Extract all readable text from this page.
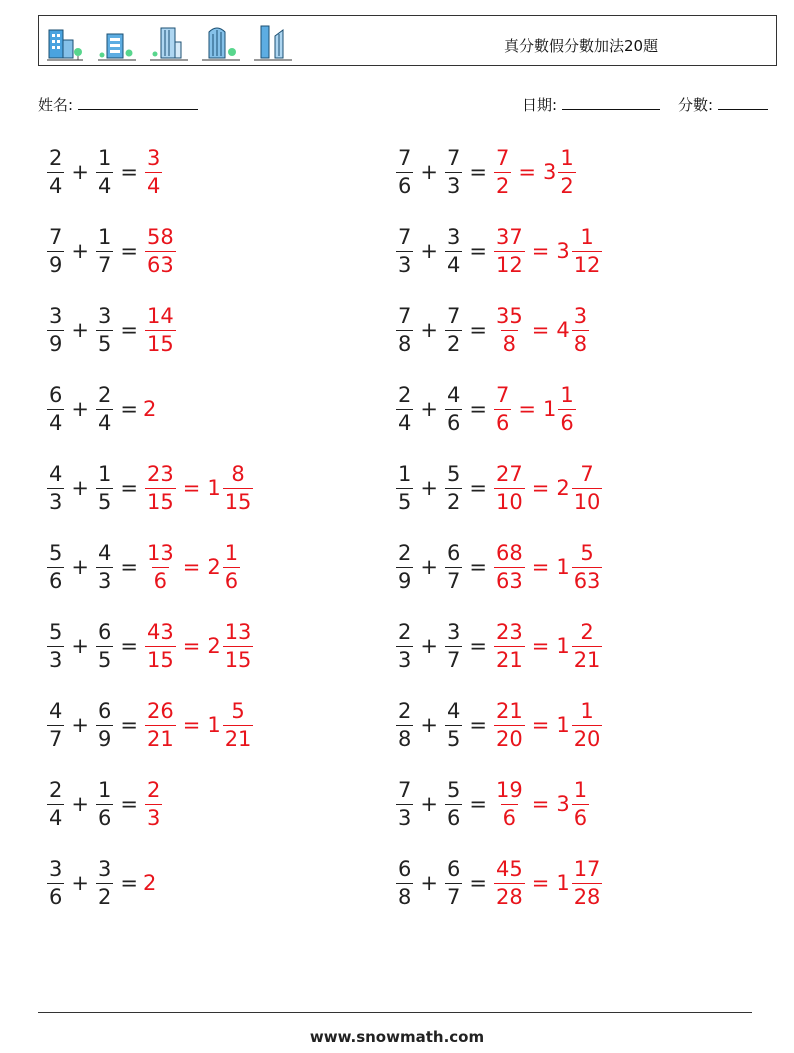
真分數假分數加法20題
姓名:	日期:	分數:
$\frac{2}{4} + \frac{1}{4} = \frac{3}{4}$	$\frac{7}{6} + \frac{7}{3} = \frac{7}{2} = 3 \frac{1}{2}$
$\frac{7}{9} + \frac{1}{7} = \frac{58}{63}$	$\frac{7}{3} + \frac{3}{4} = \frac{37}{12} = 3 \frac{1}{12}$
$\frac{3}{9} + \frac{3}{5} = \frac{14}{15}$	$\frac{7}{8} + \frac{7}{2} = \frac{35}{8} = 4 \frac{3}{8}$
$\frac{6}{4} + \frac{2}{4} = 2$	$\frac{2}{4} + \frac{4}{6} = \frac{7}{6} = 1 \frac{1}{6}$
$\frac{4}{3} + \frac{1}{5} = \frac{23}{15} = 1 \frac{8}{15}$	$\frac{1}{5} + \frac{5}{2} = \frac{27}{10} = 2 \frac{7}{10}$
$\frac{5}{6} + \frac{4}{3} = \frac{13}{6} = 2 \frac{1}{6}$	$\frac{2}{9} + \frac{6}{7} = \frac{68}{63} = 1 \frac{5}{63}$
$\frac{5}{3} + \frac{6}{5} = \frac{43}{15} = 2 \frac{13}{15}$	$\frac{2}{3} + \frac{3}{7} = \frac{23}{21} = 1 \frac{2}{21}$
$\frac{4}{7} + \frac{6}{9} = \frac{26}{21} = 1 \frac{5}{21}$	$\frac{2}{8} + \frac{4}{5} = \frac{21}{20} = 1 \frac{1}{20}$
$\frac{2}{4} + \frac{1}{6} = \frac{2}{3}$	$\frac{7}{3} + \frac{5}{6} = \frac{19}{6} = 3 \frac{1}{6}$
$\frac{3}{6} + \frac{3}{2} = 2$	$\frac{6}{8} + \frac{6}{7} = \frac{45}{28} = 1 \frac{17}{28}$
www.snowmath.com
